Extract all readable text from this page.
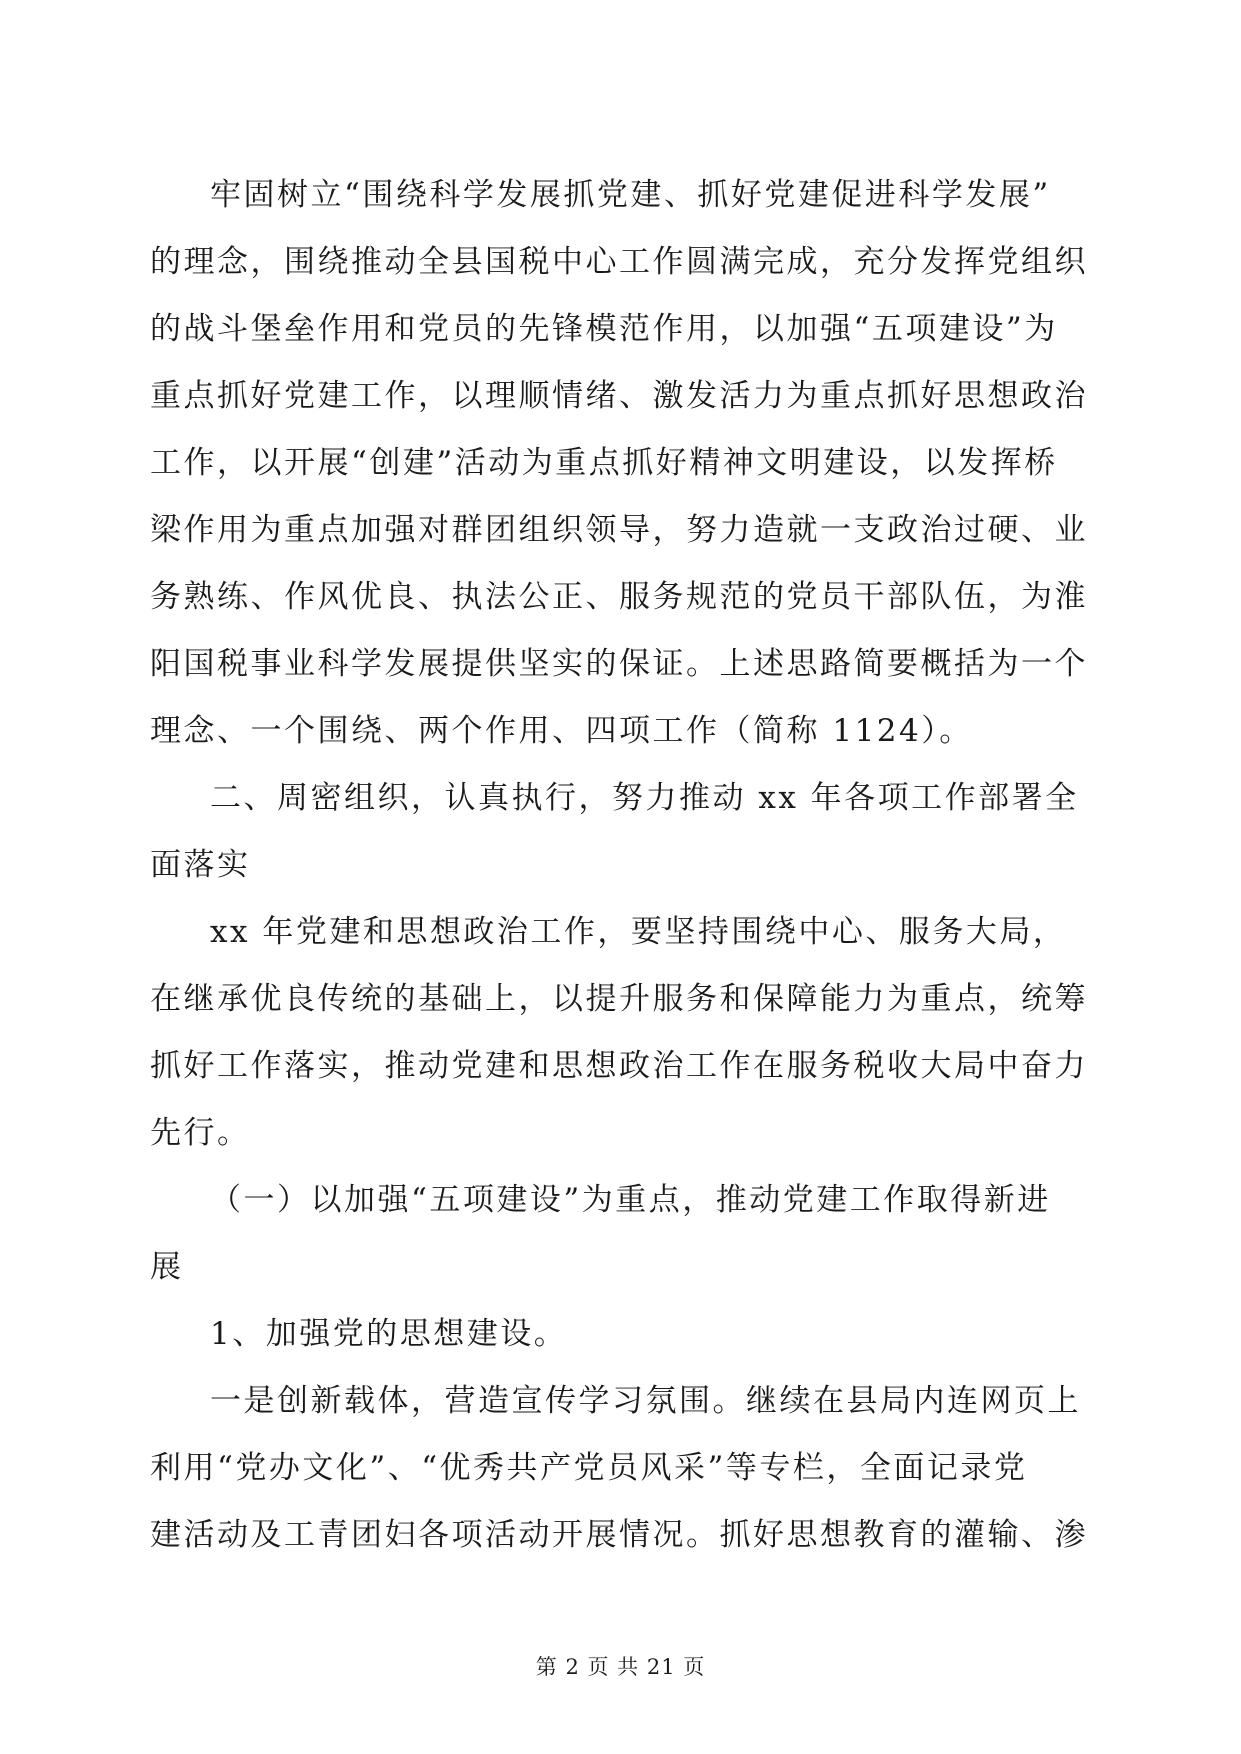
牢固树立“围绕科学发展抓党建、抓好党建促进科学发展”
的理念，围绕推动全县国税中心工作圆满完成，充分发挥党组织
的战斗堡垒作用和党员的先锋模范作用，以加强“五项建设”为
重点抓好党建工作，以理顺情绪、激发活力为重点抓好思想政治
工作，以开展“创建”活动为重点抓好精神文明建设，以发挥桥
梁作用为重点加强对群团组织领导，努力造就一支政治过硬、业
务熟练、作风优良、执法公正、服务规范的党员干部队伍，为淮
阳国税事业科学发展提供坚实的保证。上述思路简要概括为一个
理念、一个围绕、两个作用、四项工作（简称 1124）。
二、周密组织，认真执行，努力推动 xx 年各项工作部署全
面落实
xx 年党建和思想政治工作，要坚持围绕中心、服务大局，
在继承优良传统的基础上，以提升服务和保障能力为重点，统筹
抓好工作落实，推动党建和思想政治工作在服务税收大局中奋力
先行。
（一）以加强“五项建设”为重点，推动党建工作取得新进
展
1、加强党的思想建设。
一是创新载体，营造宣传学习氛围。继续在县局内连网页上
利用“党办文化”、“优秀共产党员风采”等专栏，全面记录党
建活动及工青团妇各项活动开展情况。抓好思想教育的灌输、渗
第 2 页 共 21 页
